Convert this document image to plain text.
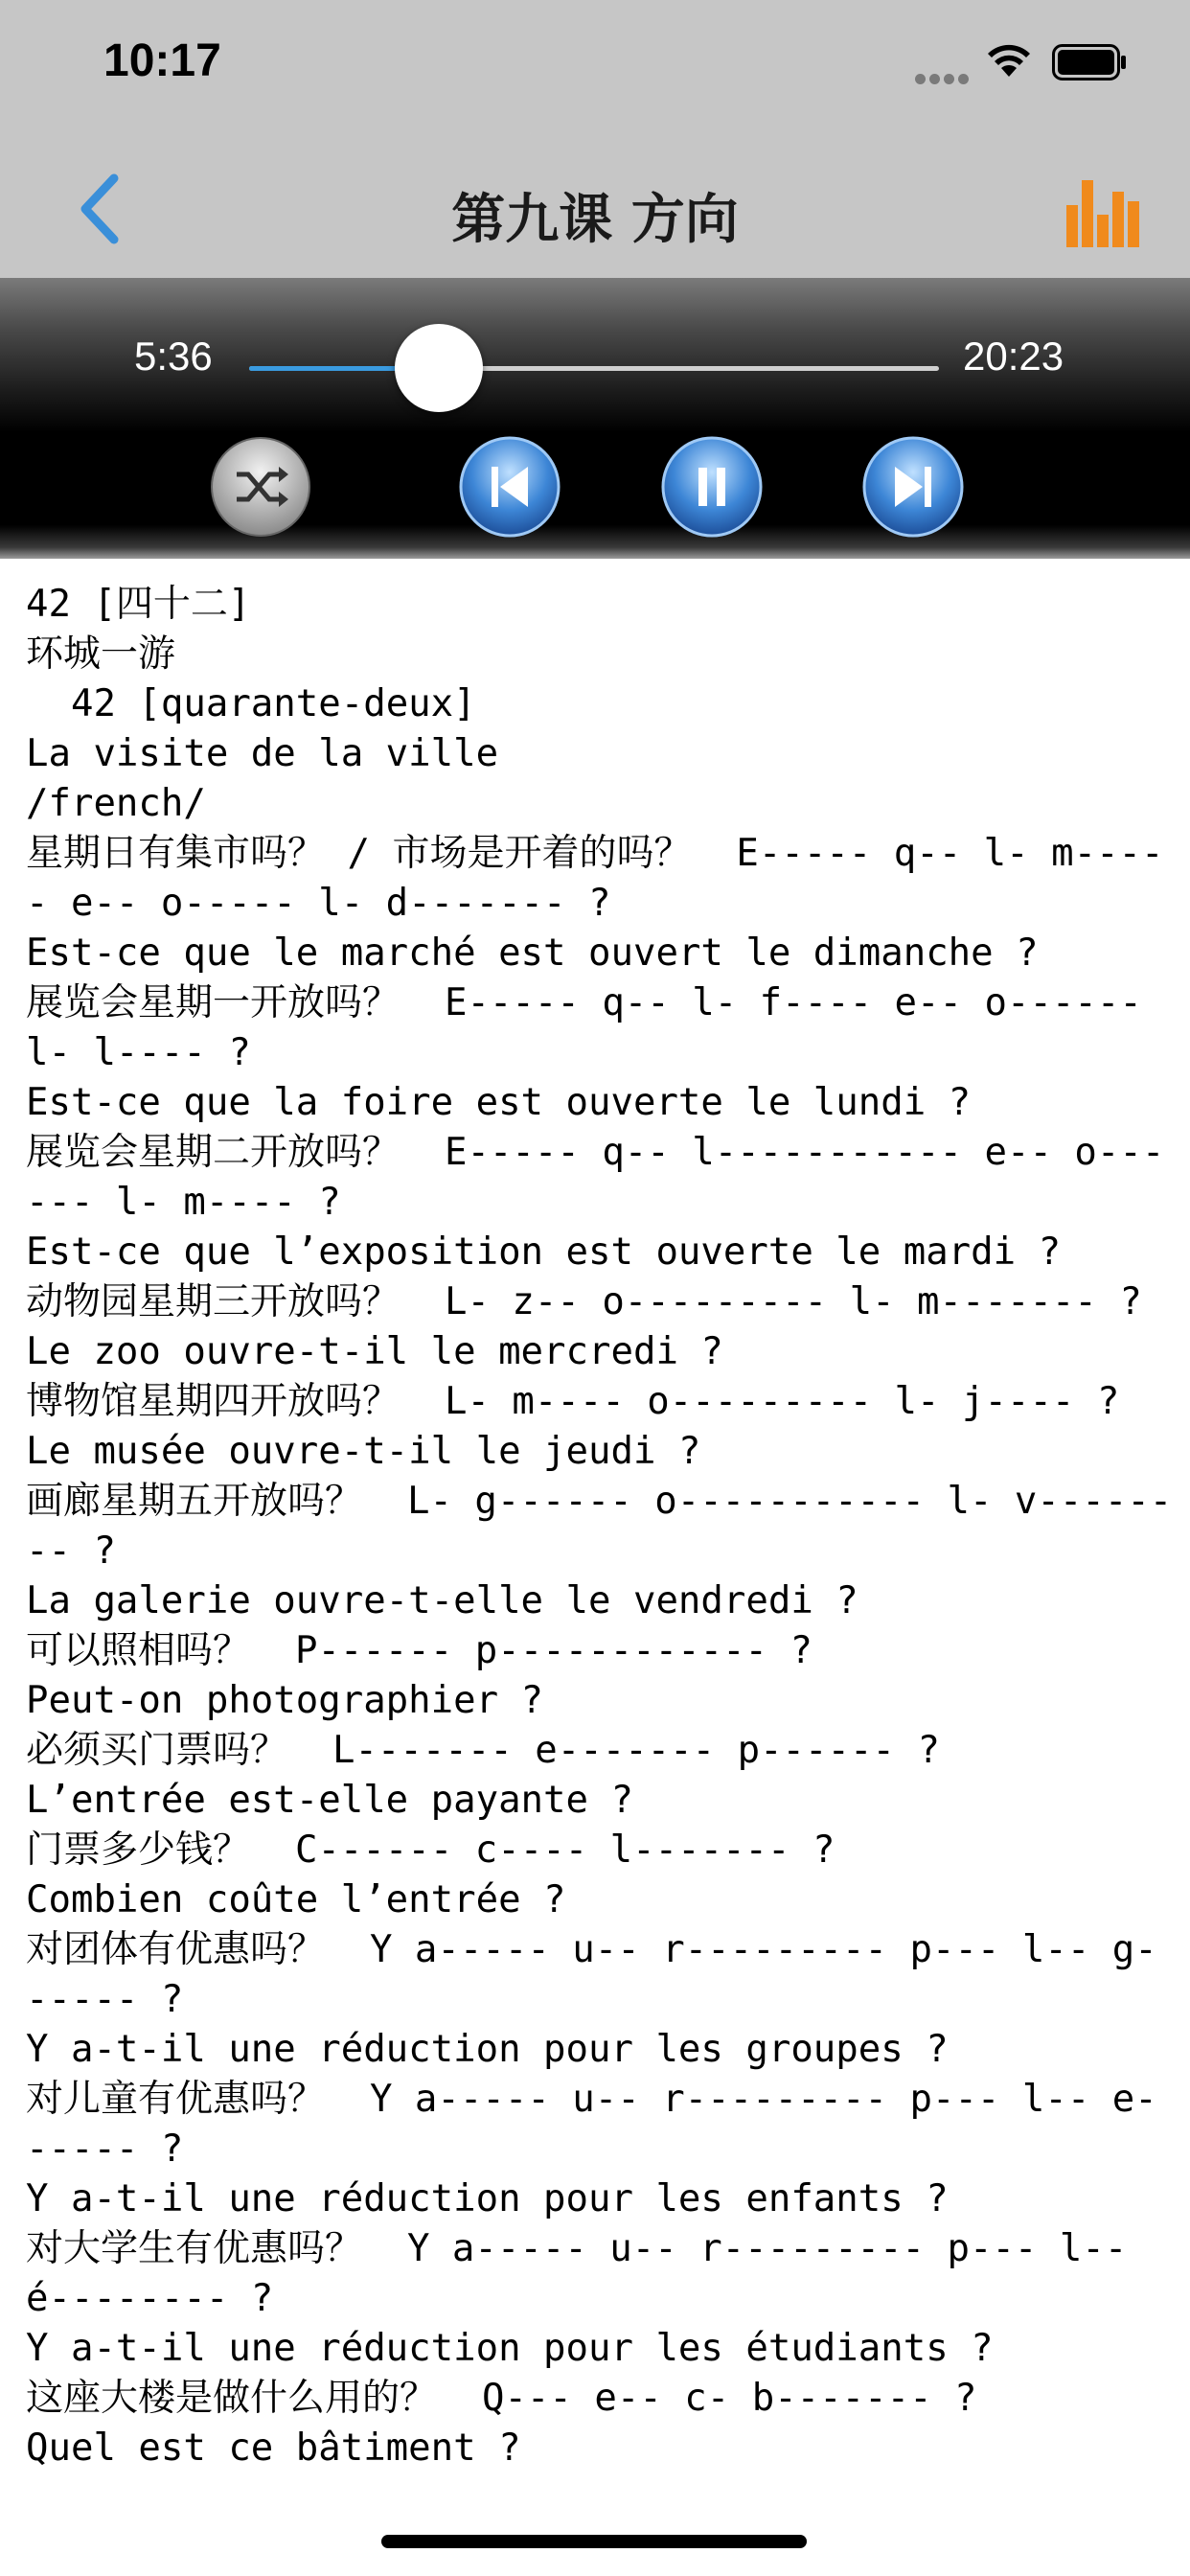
10:17
第九课 方向
5:36	20:23
42 [四十二]
环城一游
42 [quarante-deux]
La visite de la ville
/french/
星期日有集市吗？ / 市场是开着的吗？  E----- q-- l- m----- e-- o----- l- d------- ?
Est-ce que le marché est ouvert le dimanche ?
展览会星期一开放吗？  E----- q-- l- f---- e-- o------ l- l---- ?
Est-ce que la foire est ouverte le lundi ?
展览会星期二开放吗？  E----- q-- l----------- e-- o------ l- m---- ?
Est-ce que l’exposition est ouverte le mardi ?
动物园星期三开放吗？  L- z-- o--------- l- m------- ?
Le zoo ouvre-t-il le mercredi ?
博物馆星期四开放吗？  L- m---- o--------- l- j---- ?
Le musée ouvre-t-il le jeudi ?
画廊星期五开放吗？  L- g------ o----------- l- v-------- ?
La galerie ouvre-t-elle le vendredi ?
可以照相吗？  P------ p------------ ?
Peut-on photographier ?
必须买门票吗？  L------- e------- p------ ?
L’entrée est-elle payante ?
门票多少钱？  C------ c---- l------- ?
Combien coûte l’entrée ?
对团体有优惠吗？  Y a----- u-- r--------- p--- l-- g------ ?
Y a-t-il une réduction pour les groupes ?
对儿童有优惠吗？  Y a----- u-- r--------- p--- l-- e------ ?
Y a-t-il une réduction pour les enfants ?
对大学生有优惠吗？  Y a----- u-- r--------- p--- l-- é-------- ?
Y a-t-il une réduction pour les étudiants ?
这座大楼是做什么用的？  Q--- e-- c- b------- ?
Quel est ce bâtiment ?
